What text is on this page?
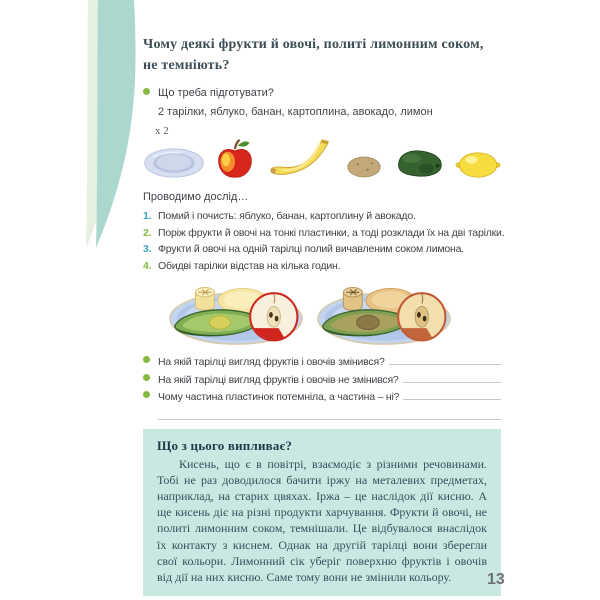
Чому деякі фрукти й овочі, политі лимонним соком,
не темніють?
Що треба підготувати?
2 тарілки, яблуко, банан, картоплина, авокадо, лимон
x 2
Проводимо дослід…
1. Помий і почисть: яблуко, банан, картоплину й авокадо.
2. Поріж фрукти й овочі на тонкі пластинки, а тоді розклади їх на дві тарілки.
3. Фрукти й овочі на одній тарілці полий вичавленим соком лимона.
4. Обидві тарілки відстав на кілька годин.
На якій тарілці вигляд фруктів і овочів змінився?
На якій тарілці вигляд фруктів і овочів не змінився?
Чому частина пластинок потемніла, а частина – ні?
Що з цього випливає?

Кисень, що є в повітрі, взаємодіє з різними речовинами. Тобі не раз доводилося бачити іржу на металевих предметах, наприклад, на старих цвяхах. Іржа – це наслідок дії кисню. А ще кисень діє на різні продукти харчування. Фрукти й овочі, не политі лимонним соком, темнішали. Це відбувалося внаслідок їх контакту з киснем. Однак на другій тарілці вони зберегли свої кольори. Лимонний сік уберіг поверхню фруктів і овочів від дії на них кисню. Саме тому вони не змінили кольору.	13
